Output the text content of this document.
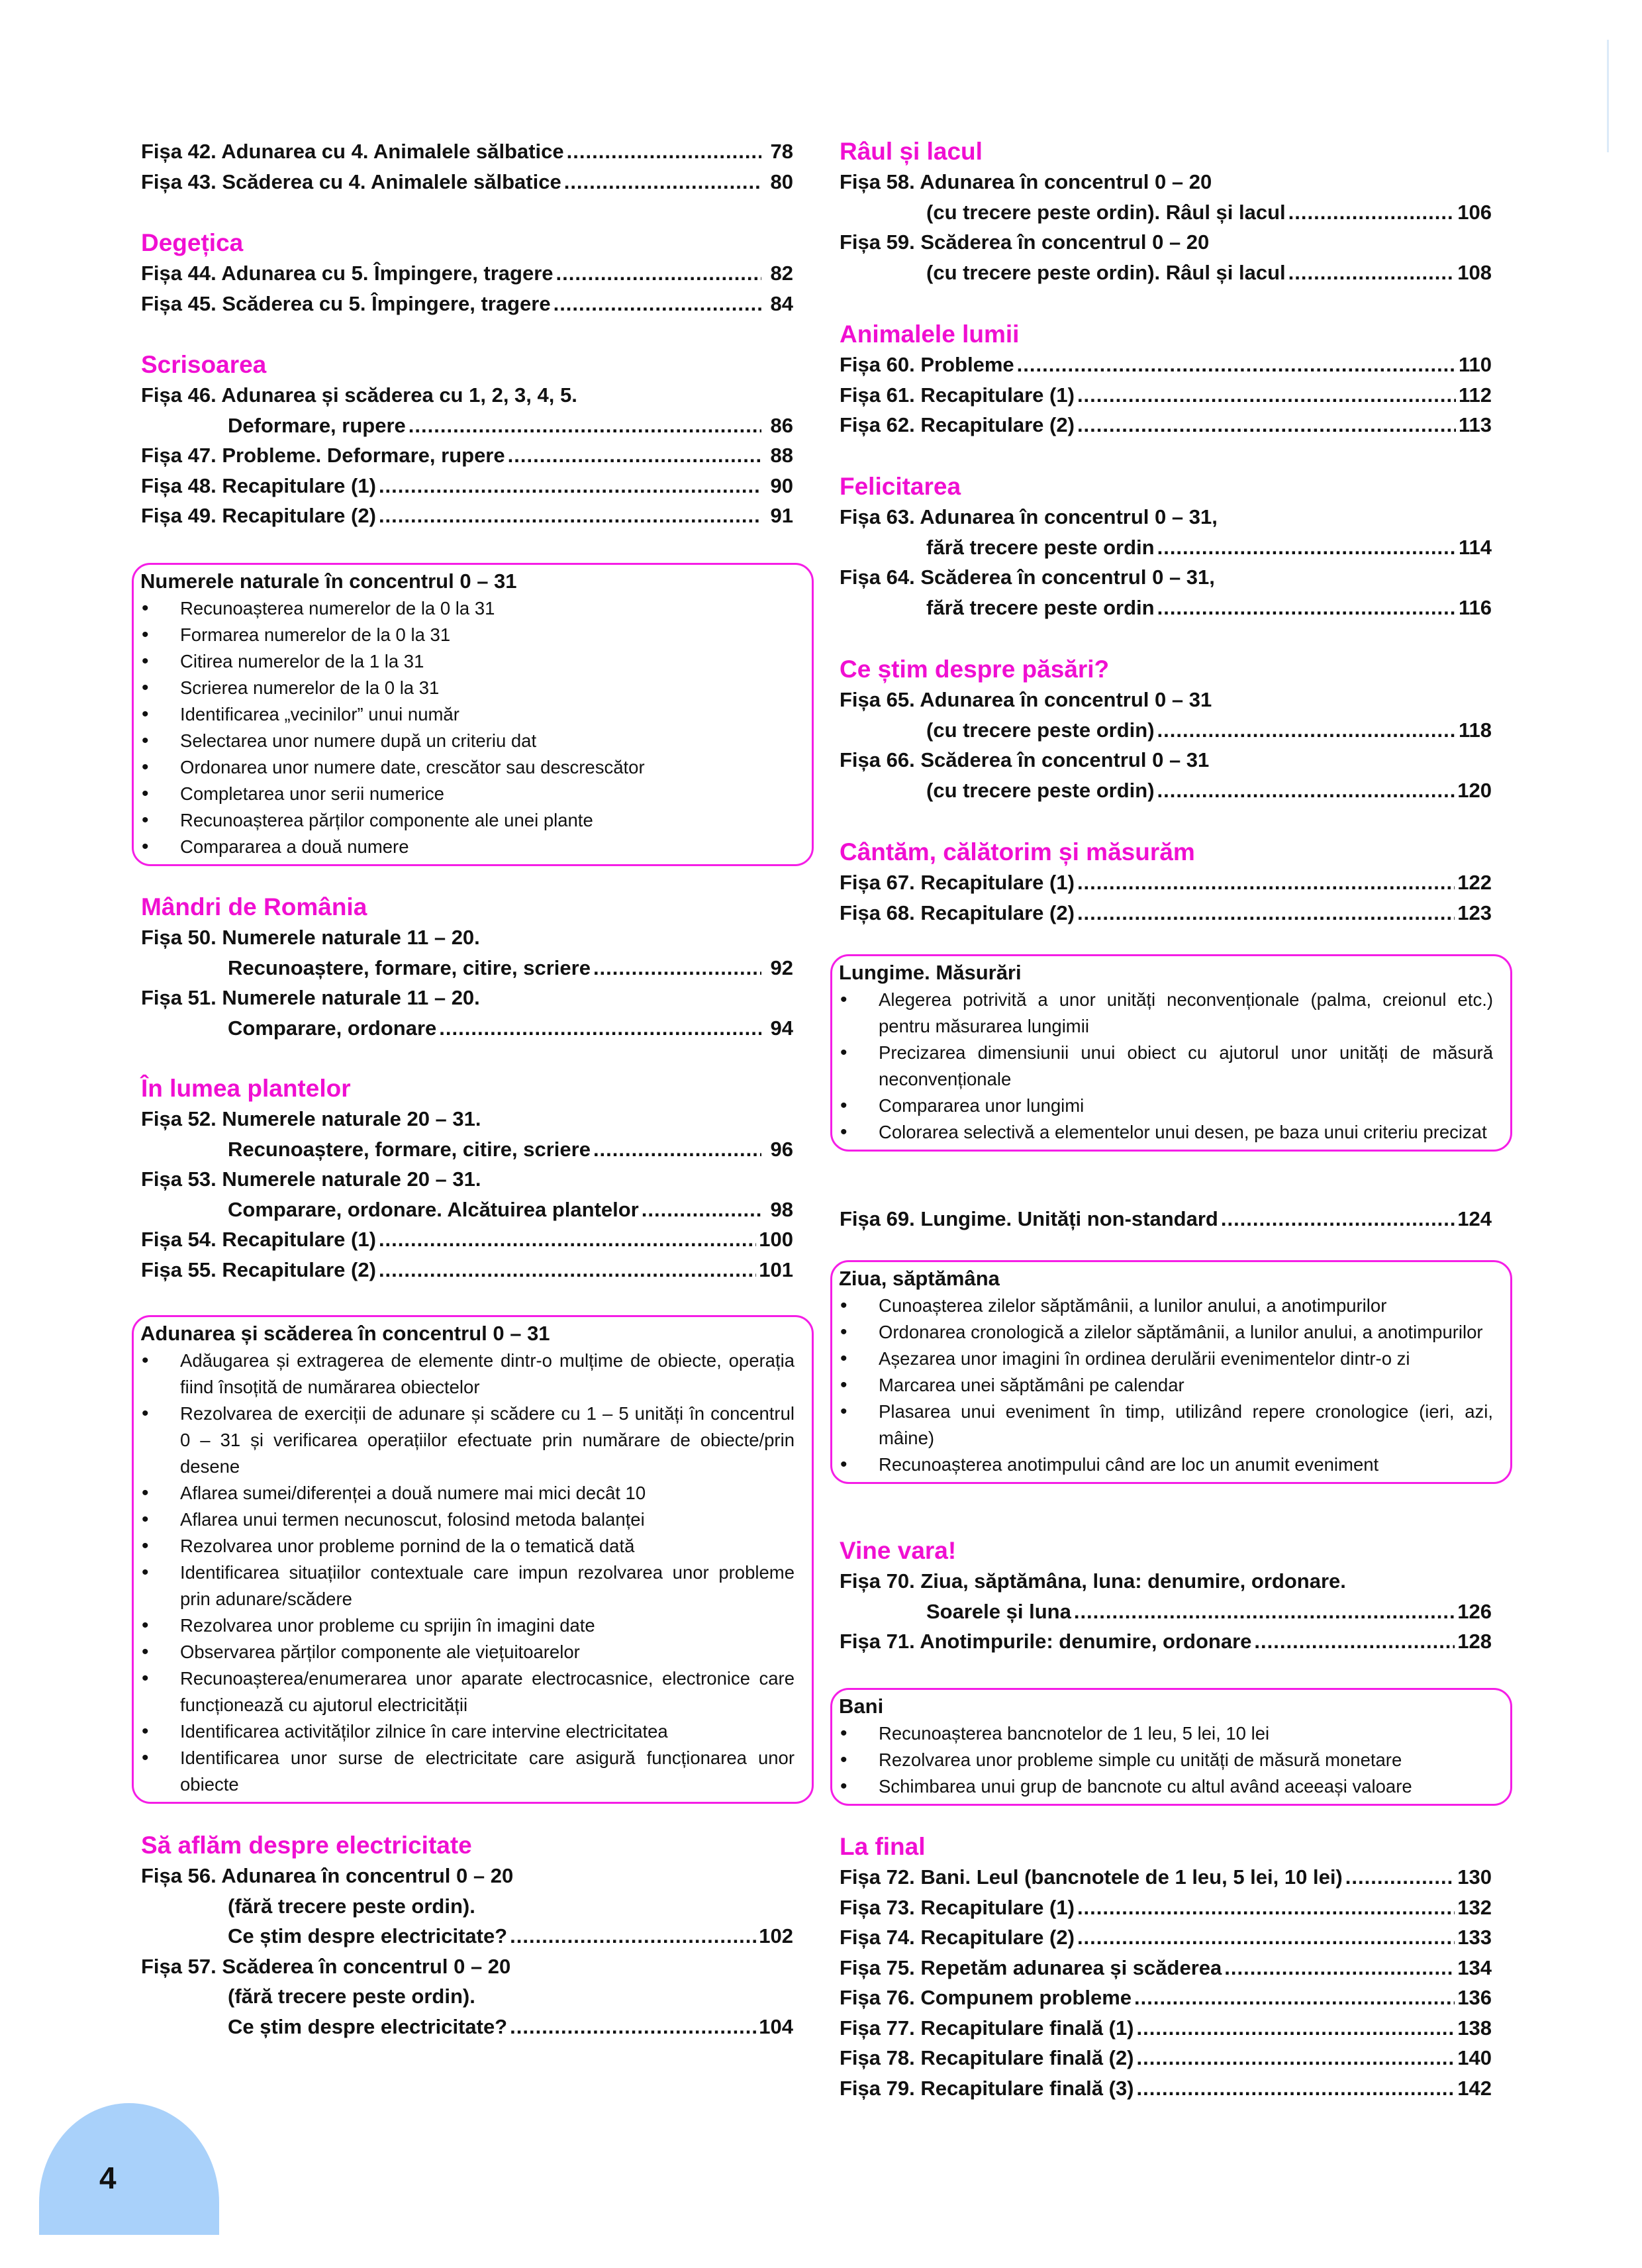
Fișa 42. Adunarea cu 4. Animalele sălbatice .....	78
Fișa 43. Scăderea cu 4. Animalele sălbatice .....	80
Degețica
Fișa 44. Adunarea cu 5. Împingere, tragere .....	82
Fișa 45. Scăderea cu 5. Împingere, tragere .....	84
Scrisoarea
Fișa 46. Adunarea și scăderea cu 1, 2, 3, 4, 5.
Deformare, rupere .....	86
Fișa 47. Probleme. Deformare, rupere .....	88
Fișa 48. Recapitulare (1) .....	90
Fișa 49. Recapitulare (2) .....	91
Numerele naturale în concentrul 0 – 31
• Recunoașterea numerelor de la 0 la 31
• Formarea numerelor de la 0 la 31
• Citirea numerelor de la 1 la 31
• Scrierea numerelor de la 0 la 31
• Identificarea „vecinilor” unui număr
• Selectarea unor numere după un criteriu dat
• Ordonarea unor numere date, crescător sau descrescător
• Completarea unor serii numerice
• Recunoașterea părților componente ale unei plante
• Compararea a două numere
Mândri de România
Fișa 50. Numerele naturale 11 – 20.
Recunoaștere, formare, citire, scriere .....	92
Fișa 51. Numerele naturale 11 – 20.
Comparare, ordonare .....	94
În lumea plantelor
Fișa 52. Numerele naturale 20 – 31.
Recunoaștere, formare, citire, scriere .....	96
Fișa 53. Numerele naturale 20 – 31.
Comparare, ordonare. Alcătuirea plantelor .....	98
Fișa 54. Recapitulare (1) .....	100
Fișa 55. Recapitulare (2) .....	101
Adunarea și scăderea în concentrul 0 – 31
• Adăugarea și extragerea de elemente dintr-o mulțime de obiecte, operația fiind însoțită de numărarea obiectelor
• Rezolvarea de exerciții de adunare și scădere cu 1 – 5 unități în concentrul 0 – 31 și verificarea operațiilor efectuate prin numărare de obiecte/prin desene
• Aflarea sumei/diferenței a două numere mai mici decât 10
• Aflarea unui termen necunoscut, folosind metoda balanței
• Rezolvarea unor probleme pornind de la o tematică dată
• Identificarea situațiilor contextuale care impun rezolvarea unor probleme prin adunare/scădere
• Rezolvarea unor probleme cu sprijin în imagini date
• Observarea părților componente ale viețuitoarelor
• Recunoașterea/enumerarea unor aparate electrocasnice, electronice care funcționează cu ajutorul electricității
• Identificarea activităților zilnice în care intervine electricitatea
• Identificarea unor surse de electricitate care asigură funcționarea unor obiecte
Să aflăm despre electricitate
Fișa 56. Adunarea în concentrul 0 – 20
(fără trecere peste ordin).
Ce știm despre electricitate? .....	102
Fișa 57. Scăderea în concentrul 0 – 20
(fără trecere peste ordin).
Ce știm despre electricitate? .....	104
Râul și lacul
Fișa 58. Adunarea în concentrul 0 – 20
(cu trecere peste ordin). Râul și lacul .....	106
Fișa 59. Scăderea în concentrul 0 – 20
(cu trecere peste ordin). Râul și lacul .....	108
Animalele lumii
Fișa 60. Probleme .....	110
Fișa 61. Recapitulare (1) .....	112
Fișa 62. Recapitulare (2) .....	113
Felicitarea
Fișa 63. Adunarea în concentrul 0 – 31,
fără trecere peste ordin .....	114
Fișa 64. Scăderea în concentrul 0 – 31,
fără trecere peste ordin .....	116
Ce știm despre păsări?
Fișa 65. Adunarea în concentrul 0 – 31
(cu trecere peste ordin) .....	118
Fișa 66. Scăderea în concentrul 0 – 31
(cu trecere peste ordin) .....	120
Cântăm, călătorim și măsurăm
Fișa 67. Recapitulare (1) .....	122
Fișa 68. Recapitulare (2) .....	123
Lungime. Măsurări
• Alegerea potrivită a unor unități neconvenționale (palma, creionul etc.) pentru măsurarea lungimii
• Precizarea dimensiunii unui obiect cu ajutorul unor unități de măsură neconvenționale
• Compararea unor lungimi
• Colorarea selectivă a elementelor unui desen, pe baza unui criteriu precizat
Fișa 69. Lungime. Unități non-standard .....	124
Ziua, săptămâna
• Cunoașterea zilelor săptămânii, a lunilor anului, a anotimpurilor
• Ordonarea cronologică a zilelor săptămânii, a lunilor anului, a anotimpurilor
• Așezarea unor imagini în ordinea derulării evenimentelor dintr-o zi
• Marcarea unei săptămâni pe calendar
• Plasarea unui eveniment în timp, utilizând repere cronologice (ieri, azi, mâine)
• Recunoașterea anotimpului când are loc un anumit eveniment
Vine vara!
Fișa 70. Ziua, săptămâna, luna: denumire, ordonare.
Soarele și luna .....	126
Fișa 71. Anotimpurile: denumire, ordonare .....	128
Bani
• Recunoașterea bancnotelor de 1 leu, 5 lei, 10 lei
• Rezolvarea unor probleme simple cu unități de măsură monetare
• Schimbarea unui grup de bancnote cu altul având aceeași valoare
La final
Fișa 72. Bani. Leul (bancnotele de 1 leu, 5 lei, 10 lei) .....	130
Fișa 73. Recapitulare (1) .....	132
Fișa 74. Recapitulare (2) .....	133
Fișa 75. Repetăm adunarea și scăderea .....	134
Fișa 76. Compunem probleme .....	136
Fișa 77. Recapitulare finală (1) .....	138
Fișa 78. Recapitulare finală (2) .....	140
Fișa 79. Recapitulare finală (3) .....	142
4
